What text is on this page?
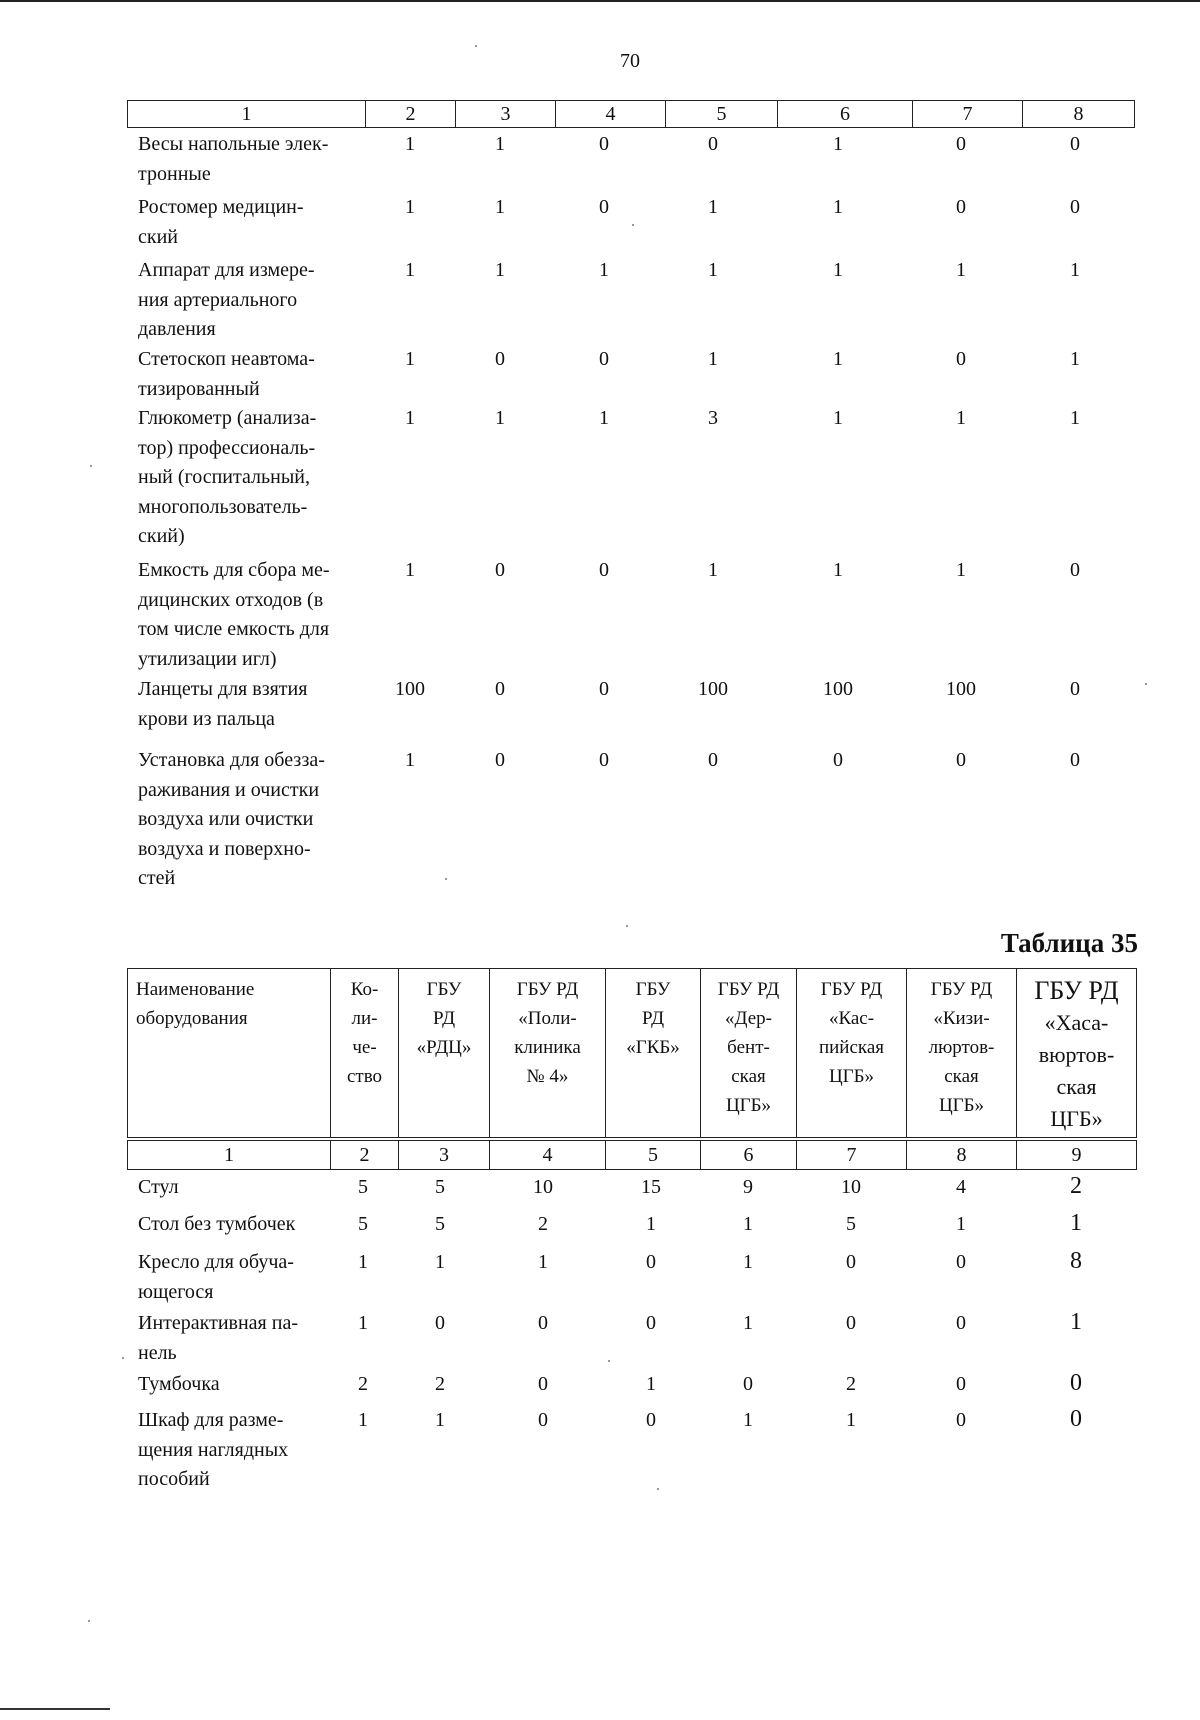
70
1	2	3	4	5	6	7	8
Весы напольные элек-
тронные
1	1	0	0	1	0	0
Ростомер медицин-
ский
1	1	0	1	1	0	0
Аппарат для измере-
ния артериального
давления
1	1	1	1	1	1	1
Стетоскоп неавтома-
тизированный
1	0	0	1	1	0	1
Глюкометр (анализа-
тор) профессиональ-
ный (госпитальный,
многопользователь-
ский)
1	1	1	3	1	1	1
Емкость для сбора ме-
дицинских отходов (в
том числе емкость для
утилизации игл)
1	0	0	1	1	1	0
Ланцеты для взятия
крови из пальца
100	0	0	100	100	100	0
Установка для обезза-
раживания и очистки
воздуха или очистки
воздуха и поверхно-
стей
1	0	0	0	0	0	0
Таблица 35
Наименование
оборудования

Ко-
ли-
че-
ство

ГБУ
РД
«РДЦ»

ГБУ РД
«Поли-
клиника
№ 4»

ГБУ
РД
«ГКБ»

ГБУ РД
«Дер-
бент-
ская
ЦГБ»

ГБУ РД
«Кас-
пийская
ЦГБ»

ГБУ РД
«Кизи-
люртов-
ская
ЦГБ»

ГБУ РД
«Хаса-
вюртов-
ская
ЦГБ»
1	2	3	4	5	6	7	8	9
Стул	5	5	10	15	9	10	4	2
Стол без тумбочек	5	5	2	1	1	5	1	1
Кресло для обуча-
ющегося
1	1	1	0	1	0	0	8
Интерактивная па-
нель
1	0	0	0	1	0	0	1
Тумбочка	2	2	0	1	0	2	0	0
Шкаф для разме-
щения наглядных
пособий
1	1	0	0	1	1	0	0
